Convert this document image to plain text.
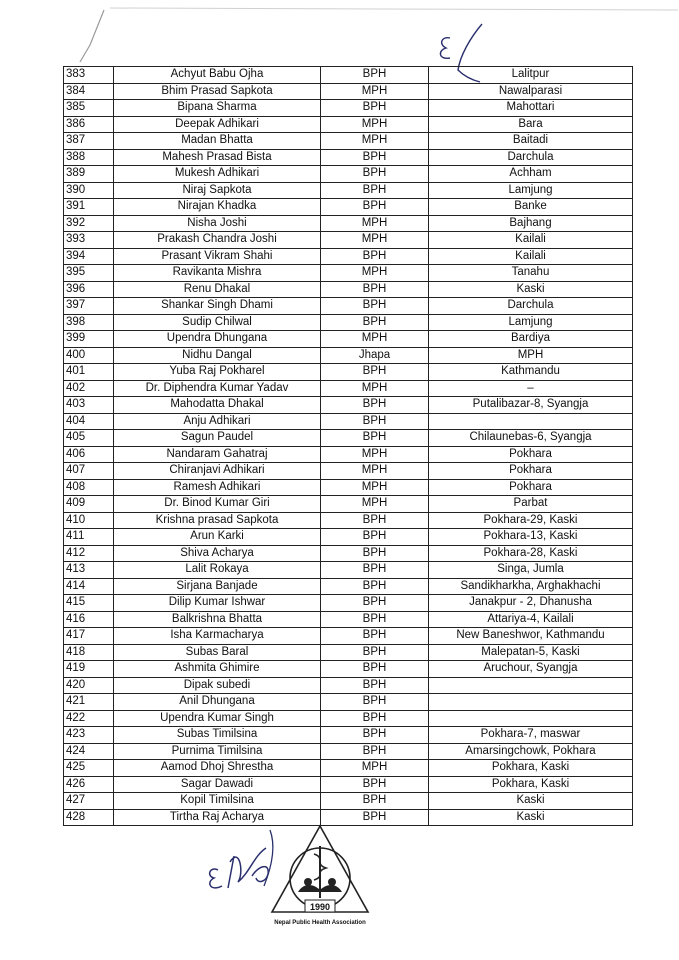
383	Achyut Babu Ojha	BPH	Lalitpur
384	Bhim Prasad Sapkota	MPH	Nawalparasi
385	Bipana Sharma	BPH	Mahottari
386	Deepak Adhikari	MPH	Bara
387	Madan Bhatta	MPH	Baitadi
388	Mahesh Prasad Bista	BPH	Darchula
389	Mukesh Adhikari	BPH	Achham
390	Niraj Sapkota	BPH	Lamjung
391	Nirajan Khadka	BPH	Banke
392	Nisha Joshi	MPH	Bajhang
393	Prakash Chandra Joshi	MPH	Kailali
394	Prasant Vikram Shahi	BPH	Kailali
395	Ravikanta Mishra	MPH	Tanahu
396	Renu Dhakal	BPH	Kaski
397	Shankar Singh Dhami	BPH	Darchula
398	Sudip Chilwal	BPH	Lamjung
399	Upendra Dhungana	MPH	Bardiya
400	Nidhu Dangal	Jhapa	MPH
401	Yuba Raj Pokharel	BPH	Kathmandu
402	Dr. Diphendra Kumar Yadav	MPH	–
403	Mahodatta Dhakal	BPH	Putalibazar-8, Syangja
404	Anju Adhikari	BPH	
405	Sagun Paudel	BPH	Chilaunebas-6, Syangja
406	Nandaram Gahatraj	MPH	Pokhara
407	Chiranjavi Adhikari	MPH	Pokhara
408	Ramesh Adhikari	MPH	Pokhara
409	Dr. Binod Kumar Giri	MPH	Parbat
410	Krishna prasad Sapkota	BPH	Pokhara-29, Kaski
411	Arun Karki	BPH	Pokhara-13, Kaski
412	Shiva Acharya	BPH	Pokhara-28, Kaski
413	Lalit Rokaya	BPH	Singa, Jumla
414	Sirjana Banjade	BPH	Sandikharkha, Arghakhachi
415	Dilip Kumar Ishwar	BPH	Janakpur - 2, Dhanusha
416	Balkrishna Bhatta	BPH	Attariya-4, Kailali
417	Isha Karmacharya	BPH	New Baneshwor, Kathmandu
418	Subas Baral	BPH	Malepatan-5, Kaski
419	Ashmita Ghimire	BPH	Aruchour, Syangja
420	Dipak subedi	BPH	
421	Anil Dhungana	BPH	
422	Upendra Kumar Singh	BPH	
423	Subas Timilsina	BPH	Pokhara-7, maswar
424	Purnima Timilsina	BPH	Amarsingchowk, Pokhara
425	Aamod Dhoj Shrestha	MPH	Pokhara, Kaski
426	Sagar Dawadi	BPH	Pokhara, Kaski
427	Kopil Timilsina	BPH	Kaski
428	Tirtha Raj Acharya	BPH	Kaski
1990
Nepal Public Health Association
